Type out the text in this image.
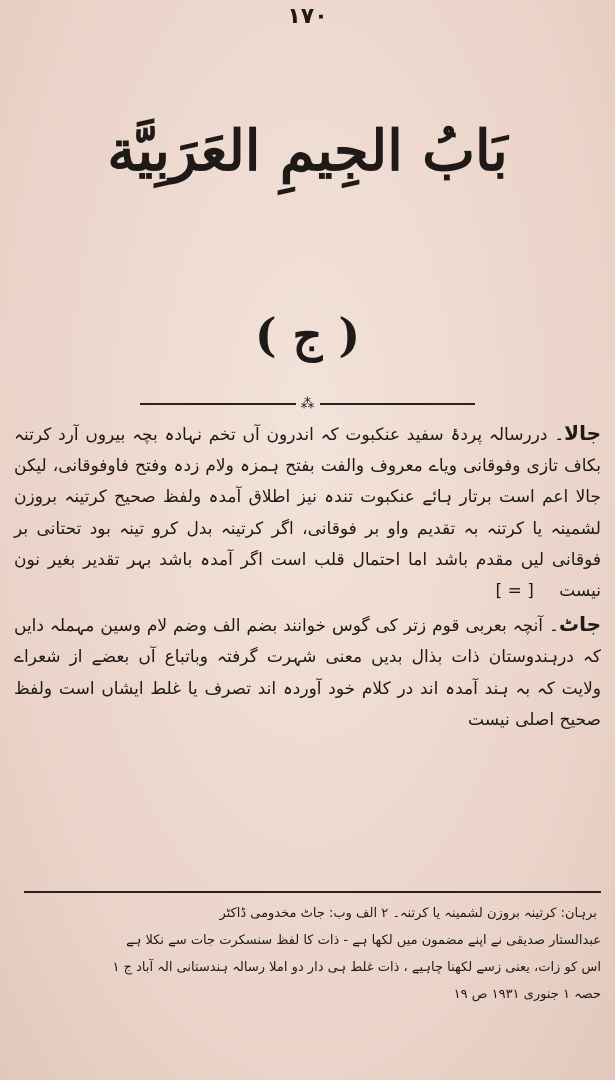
۱۷۰
بَابُ الجِيمِ العَرَبِيَّة
( ج )
⁂

جالا۔ دررسالہ پردۂ سفید عنکبوت کہ اندرون آں تخم نہادہ بچہ بیروں آرد کرتنہ بکاف تازی وفوقانی ویاے معروف والفت بفتح ہمزہ ولام زدہ وفتح فاوفوقانی، لیکن جالا اعم است برتار ہائے عنکبوت تندہ نیز اطلاق آمدہ ولفظ صحیح کرتینہ بروزن لشمینہ یا کرتنہ بہ تقدیم واو بر فوقانی، اگر کرتینہ بدل کرو تینہ بود تحتانی بر فوقانی لیں مقدم باشد اما احتمال قلب است اگر آمدہ باشد بہر تقدیر بغیر نون نیست [ = ]

جاٹ۔ آنچہ بعربی قوم زتر کی گوس خوانند بضم الف وضم لام وسین مہملہ دایں کہ درہندوستان ذات بذال بدیں معنی شہرت گرفتہ وباتباع آں بعضے از شعراے ولایت کہ بہ ہند آمدہ اند در کلام خود آوردہ اند تصرف یا غلط ایشاں است ولفظ صحیح اصلی نیست

ٔ برہان: کرتینہ بروزن لشمینہ یا کرتنہ۔ ۲ الف وب: جاٹ مخدومی ڈاکٹر

عبدالستار صدیقی نے اپنے مضمون میں لکھا ہے - ذات کا لفظ سنسکرت جات سے نکلا ہے

اس کو زات، یعنی زسے لکھنا چاہیے ، ذات غلط ہی دار دو املا رسالہ ہندستانی الہ آباد ج ۱

حصہ ۱ جنوری ۱۹۳۱ ص ۱۹
